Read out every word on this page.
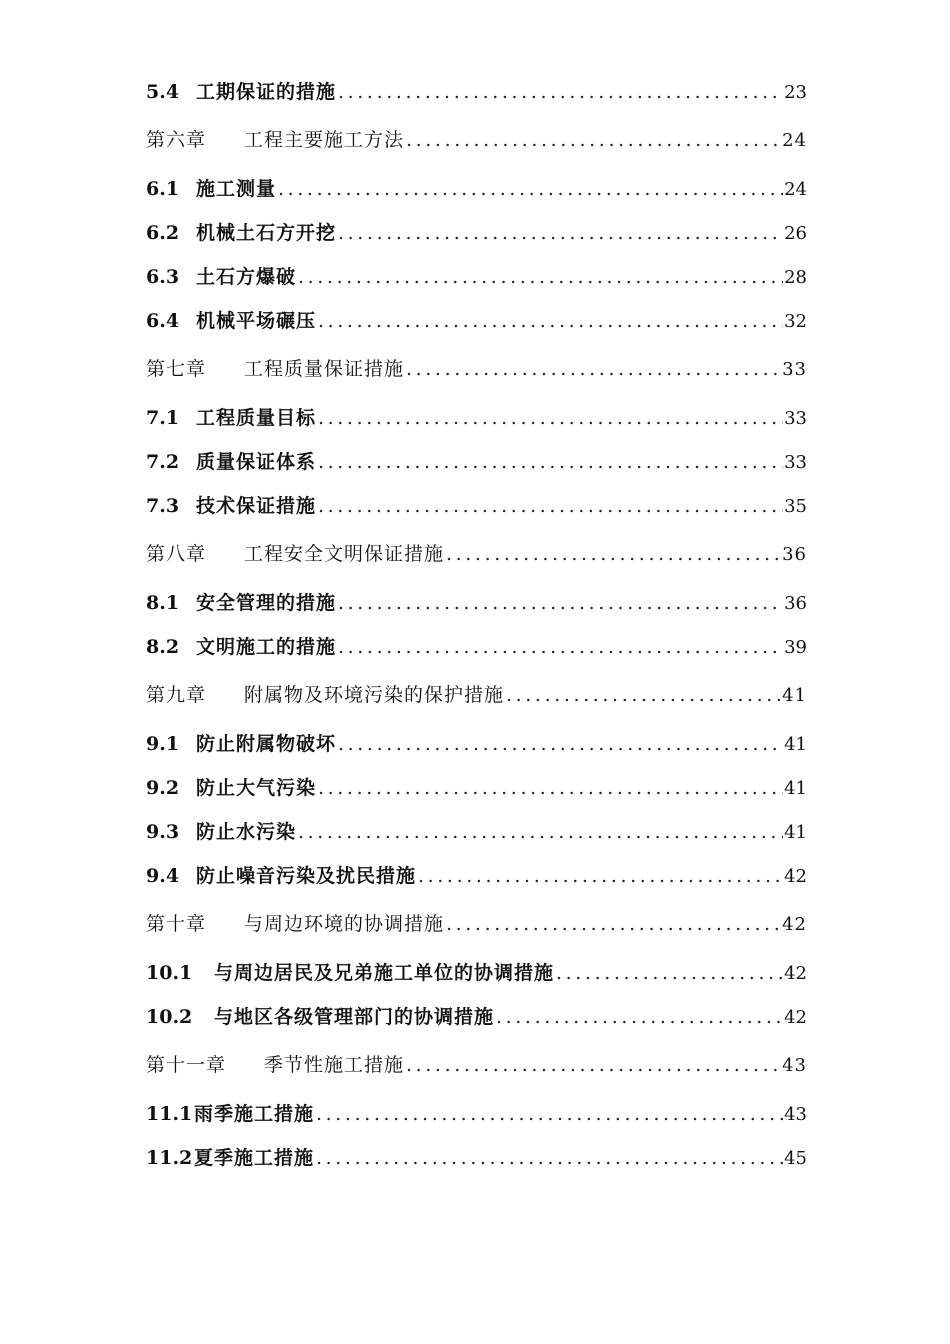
5.4 工期保证的措施 .....	23
第六章	工程主要施工方法 .....	24
6.1 施工测量 .....	24
6.2 机械土石方开挖 .....	26
6.3 土石方爆破 .....	28
6.4 机械平场碾压 .....	32
第七章	工程质量保证措施 .....	33
7.1 工程质量目标 .....	33
7.2 质量保证体系 .....	33
7.3 技术保证措施 .....	35
第八章	工程安全文明保证措施 .....	36
8.1 安全管理的措施 .....	36
8.2 文明施工的措施 .....	39
第九章	附属物及环境污染的保护措施 .....	41
9.1 防止附属物破坏 .....	41
9.2 防止大气污染 .....	41
9.3 防止水污染 .....	41
9.4 防止噪音污染及扰民措施 .....	42
第十章	与周边环境的协调措施 .....	42
10.1	与周边居民及兄弟施工单位的协调措施 .....	42
10.2	与地区各级管理部门的协调措施 .....	42
第十一章	季节性施工措施 .....	43
11.1 雨季施工措施 .....	43
11.2 夏季施工措施 .....	45
